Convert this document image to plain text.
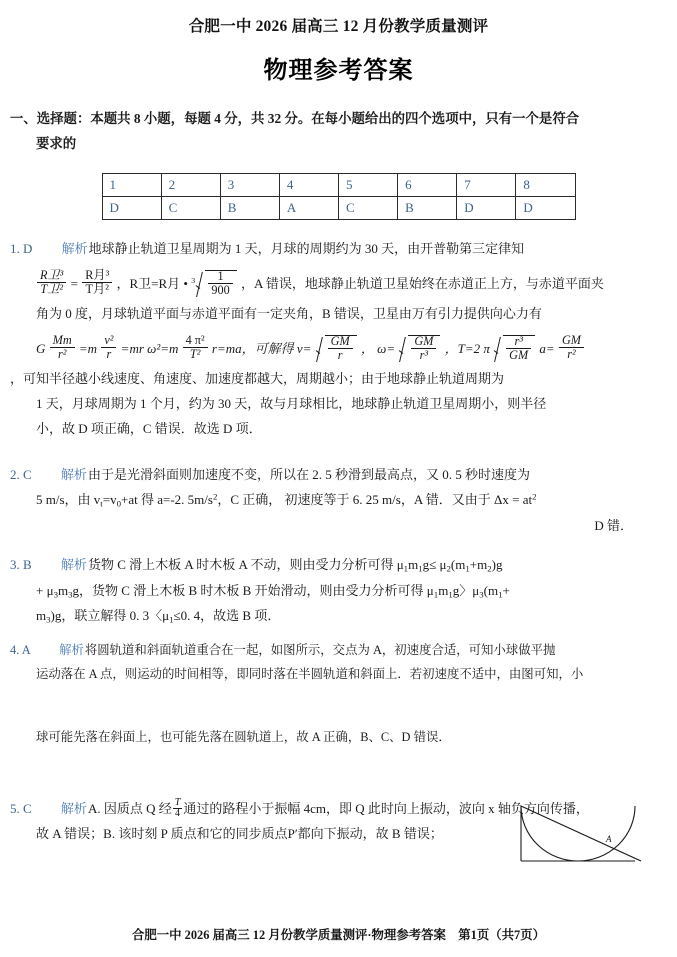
合肥一中 2026 届高三 12 月份教学质量测评
物理参考答案
一、选择题：本题共 8 小题，每题 4 分，共 32 分。在每小题给出的四个选项中，只有一个是符合
要求的
1	2	3	4	5	6	7	8
D	C	B	A	C	B	D	D
1. D 解析地球静止轨道卫星周期为 1 天，月球的周期约为 30 天，由开普勒第三定律知
$\frac{\text{R卫³}}{\text{T卫²}} = \frac{\text{R月³}}{\text{T月²}}$ ，R卫=R月 • $3 \frac{1}{900}$ ，A 错误，地球静止轨道卫星始终在赤道正上方，与赤道平面夹
角为 0 度，月球轨道平面与赤道平面有一定夹角，B 错误，卫星由万有引力提供向心力有
G $\frac{Mm}{\text{r²}} =m \frac{\text{v²}}{r} =mr$ $\omega^2=m \frac{\text{4 π²}}{\text{T²}} r=ma$，可解得 $v= \frac{GM}{r}$ ， $\omega= \frac{GM}{\text{r³}}$ ，T=2 π $\frac{\text{r³}}{GM} a= \frac{GM}{\text{r²}}$
，可知半径越小线速度、角速度、加速度都越大，周期越小；由于地球静止轨道周期为
1 天，月球周期为 1 个月，约为 30 天，故与月球相比，地球静止轨道卫星周期小，则半径
小，故 D 项正确，C 错误．故选 D 项．
2. C 解析由于是光滑斜面则加速度不变，所以在 2. 5 秒滑到最高点，又 0. 5 秒时速度为
5 m/s，由 $v_t=v_0+at$ 得 a=-2. $5m/s^2$，C 正确， 初速度等于 6. 25 m/s，A 错．又由于 $\Delta x = at^2$
D 错．
3. B 解析货物 C 滑上木板 A 时木板 A 不动，则由受力分析可得 $\mu_1m_1g\le \mu_2(m_1+m_2)g$
+ $\mu_3m_3g$，货物 C 滑上木板 B 时木板 B 开始滑动，则由受力分析可得 $\mu_1m_1g$〉$\mu_3(m_1+$
$m_3)g$，联立解得 0. 3〈$\mu_1\le 0$. 4，故选 B 项．
4. A 解析将圆轨道和斜面轨道重合在一起，如图所示，交点为 A，初速度合适，可知小球做平抛
运动落在 A 点，则运动的时间相等，即同时落在半圆轨道和斜面上．若初速度不适中，由图可知，小
球可能先落在斜面上，也可能先落在圆轨道上，故 A 正确，B、C、D 错误．
A
5. C 解析A. 因质点 Q 经 $\frac{T}{4}$ 通过的路程小于振幅 4cm，即 Q 此时向上振动，波向 x 轴负方向传播，
故 A 错误；B. 该时刻 P 质点和它的同步质点P′都向下振动，故 B 错误；
合肥一中 2026 届高三 12 月份教学质量测评·物理参考答案　第1页（共7页）
